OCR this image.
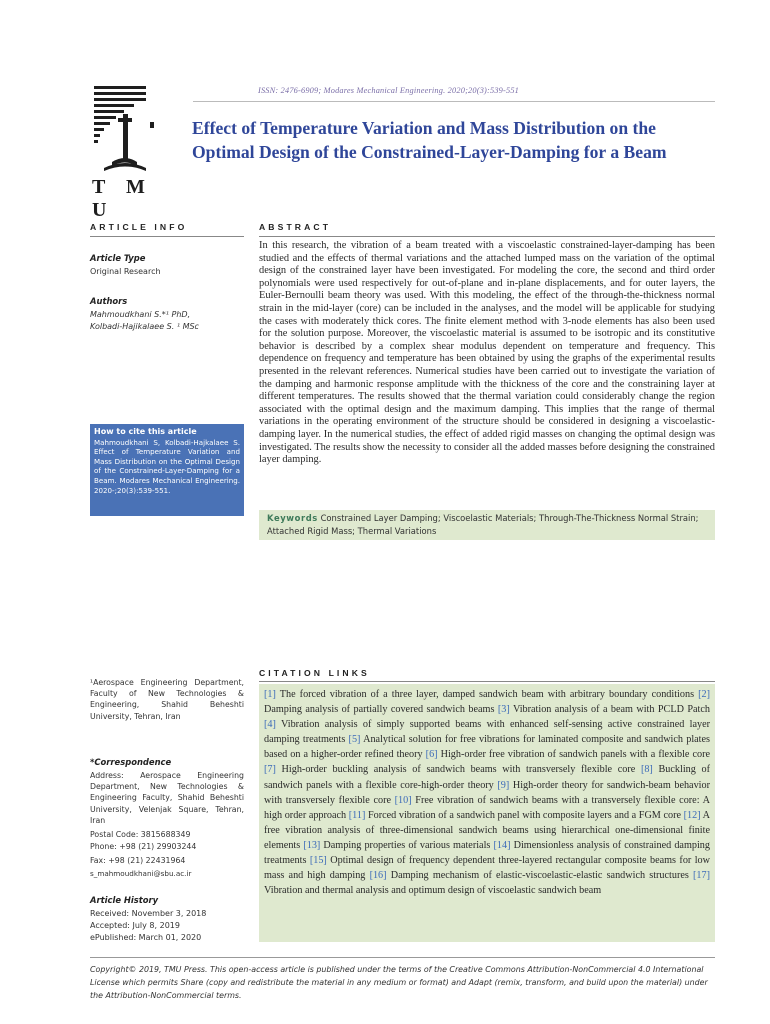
ISSN: 2476-6909; Modares Mechanical Engineering. 2020;20(3):539-551
T M U
Effect of Temperature Variation and Mass Distribution on the Optimal Design of the Constrained-Layer-Damping for a Beam
ARTICLE INFO
Article Type
Original Research
Authors
Mahmoudkhani S.*¹ PhD,
Kolbadi-Hajikalaee S. ¹ MSc
How to cite this article
Mahmoudkhani S, Kolbadi-Hajkalaee S. Effect of Temperature Variation and Mass Distribution on the Optimal Design of the Constrained-Layer-Damping for a Beam. Modares Mechanical Engineering. 2020-;20(3):539-551.
¹Aerospace Engineering Department, Faculty of New Technologies & Engineering, Shahid Beheshti University, Tehran, Iran
*Correspondence
Address: Aerospace Engineering Department, New Technologies & Engineering Faculty, Shahid Beheshti University, Velenjak Square, Tehran, Iran
Postal Code: 3815688349
Phone: +98 (21) 29903244
Fax: +98 (21) 22431964
s_mahmoudkhani@sbu.ac.ir
Article History
Received: November 3, 2018
Accepted: July 8, 2019
ePublished: March 01, 2020
ABSTRACT
In this research, the vibration of a beam treated with a viscoelastic constrained-layer-damping has been studied and the effects of thermal variations and the attached lumped mass on the variation of the optimal design of the constrained layer have been investigated. For modeling the core, the second and third order polynomials were used respectively for out-of-plane and in-plane displacements, and for outer layers, the Euler-Bernoulli beam theory was used. With this modeling, the effect of the through-the-thickness normal strain in the mid-layer (core) can be included in the analyses, and the model will be applicable for studying the cases with moderately thick cores. The finite element method with 3-node elements has also been used for the solution purpose. Moreover, the viscoelastic material is assumed to be isotropic and its constitutive behavior is described by a complex shear modulus dependent on temperature and frequency. This dependence on frequency and temperature has been obtained by using the graphs of the experimental results presented in the relevant references. Numerical studies have been carried out to investigate the variation of the damping and harmonic response amplitude with the thickness of the core and the constraining layer at different temperatures. The results showed that the thermal variation could considerably change the region associated with the optimal design and the maximum damping. This implies that the range of thermal variations in the operating environment of the structure should be considered in designing a viscoelastic-damping layer. In the numerical studies, the effect of added rigid masses on changing the optimal design was investigated. The results show the necessity to consider all the added masses before designing the constrained layer damping.
Keywords Constrained Layer Damping; Viscoelastic Materials; Through-The-Thickness Normal Strain; Attached Rigid Mass; Thermal Variations
CITATION LINKS
[1] The forced vibration of a three layer, damped sandwich beam with arbitrary boundary conditions [2] Damping analysis of partially covered sandwich beams [3] Vibration analysis of a beam with PCLD Patch [4] Vibration analysis of simply supported beams with enhanced self-sensing active constrained layer damping treatments [5] Analytical solution for free vibrations for laminated composite and sandwich plates based on a higher-order refined theory [6] High-order free vibration of sandwich panels with a flexible core [7] High-order buckling analysis of sandwich beams with transversely flexible core [8] Buckling of sandwich panels with a flexible core-high-order theory [9] High-order theory for sandwich-beam behavior with transversely flexible core [10] Free vibration of sandwich beams with a transversely flexible core: A high order approach [11] Forced vibration of a sandwich panel with composite layers and a FGM core [12] A free vibration analysis of three-dimensional sandwich beams using hierarchical one-dimensional finite elements [13] Damping properties of various materials [14] Dimensionless analysis of constrained damping treatments [15] Optimal design of frequency dependent three-layered rectangular composite beams for low mass and high damping [16] Damping mechanism of elastic-viscoelastic-elastic sandwich structures [17] Vibration and thermal analysis and optimum design of viscoelastic sandwich beam
Copyright© 2019, TMU Press. This open-access article is published under the terms of the Creative Commons Attribution-NonCommercial 4.0 International License which permits Share (copy and redistribute the material in any medium or format) and Adapt (remix, transform, and build upon the material) under the Attribution-NonCommercial terms.
